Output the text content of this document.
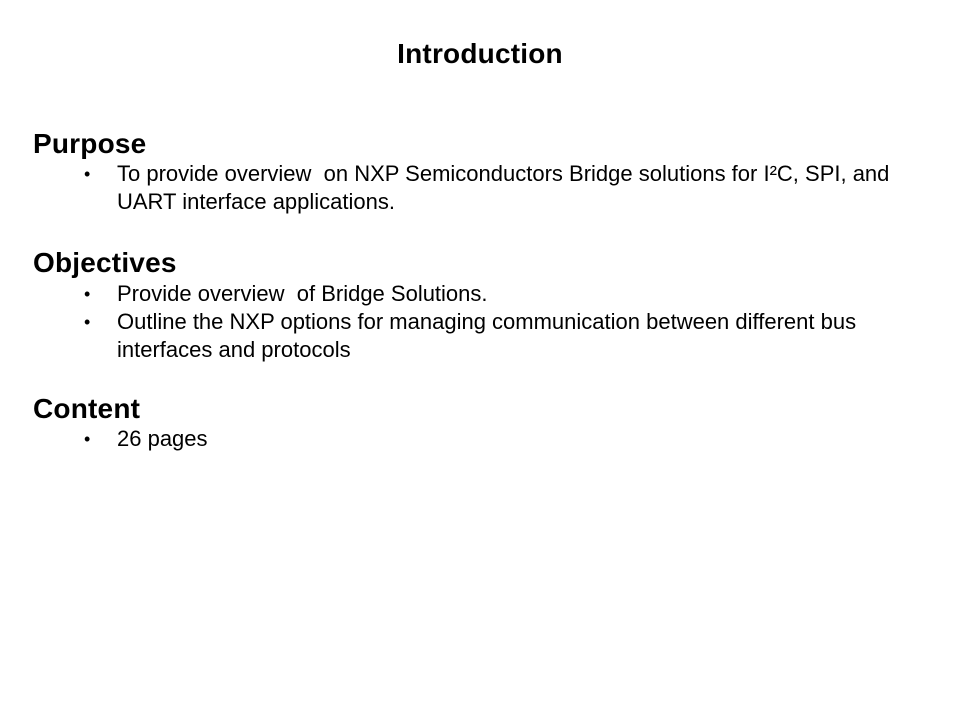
Introduction
Purpose
•	To provide overview  on NXP Semiconductors Bridge solutions for I²C, SPI, and UART interface applications.
Objectives
•	Provide overview  of Bridge Solutions.
•	Outline the NXP options for managing communication between different bus interfaces and protocols
Content
•	26 pages
